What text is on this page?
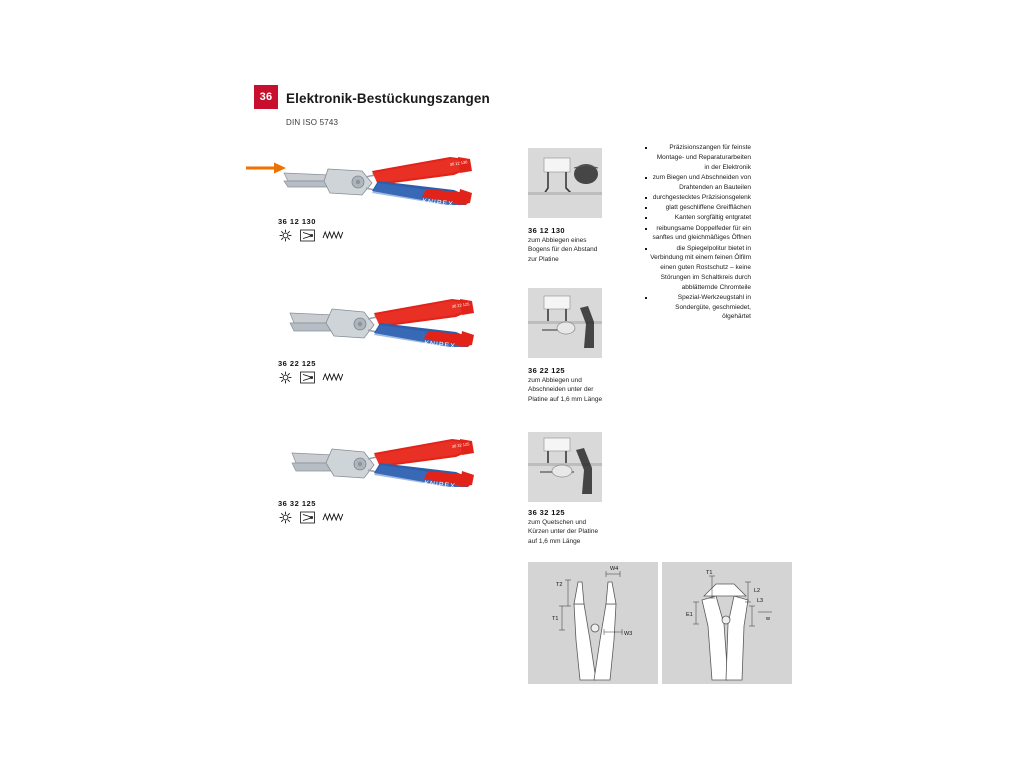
36	Elektronik-Bestückungszangen
DIN ISO 5743
KNIPEX
36 12 130
36 12 130
36 12 130
zum Abbiegen eines Bogens für den Abstand zur Platine
KNIPEX
36 22 125
36 22 125
36 22 125
zum Abbiegen und Abschneiden unter der Platine auf 1,6 mm Länge
KNIPEX
36 32 125
36 32 125
36 32 125
zum Quetschen und Kürzen unter der Platine auf 1,6 mm Länge
Präzisionszangen für feinste Montage- und Reparaturarbeiten in der Elektronik
zum Biegen und Abschneiden von Drahtenden an Bauteilen
durchgestecktes Präzisionsgelenk
glatt geschliffene Greifflächen
Kanten sorgfältig entgratet
reibungsame Doppelfeder für ein sanftes und gleichmäßiges Öffnen
die Spiegelpolitur bietet in Verbindung mit einem feinen Ölfilm einen guten Rostschutz – keine Störungen im Schaltkreis durch abblätternde Chromteile
Spezial-Werkzeugstahl in Sondergüte, geschmiedet, ölgehärtet
T2
W4
T1
W3
T1
L2
E1
L3
w
